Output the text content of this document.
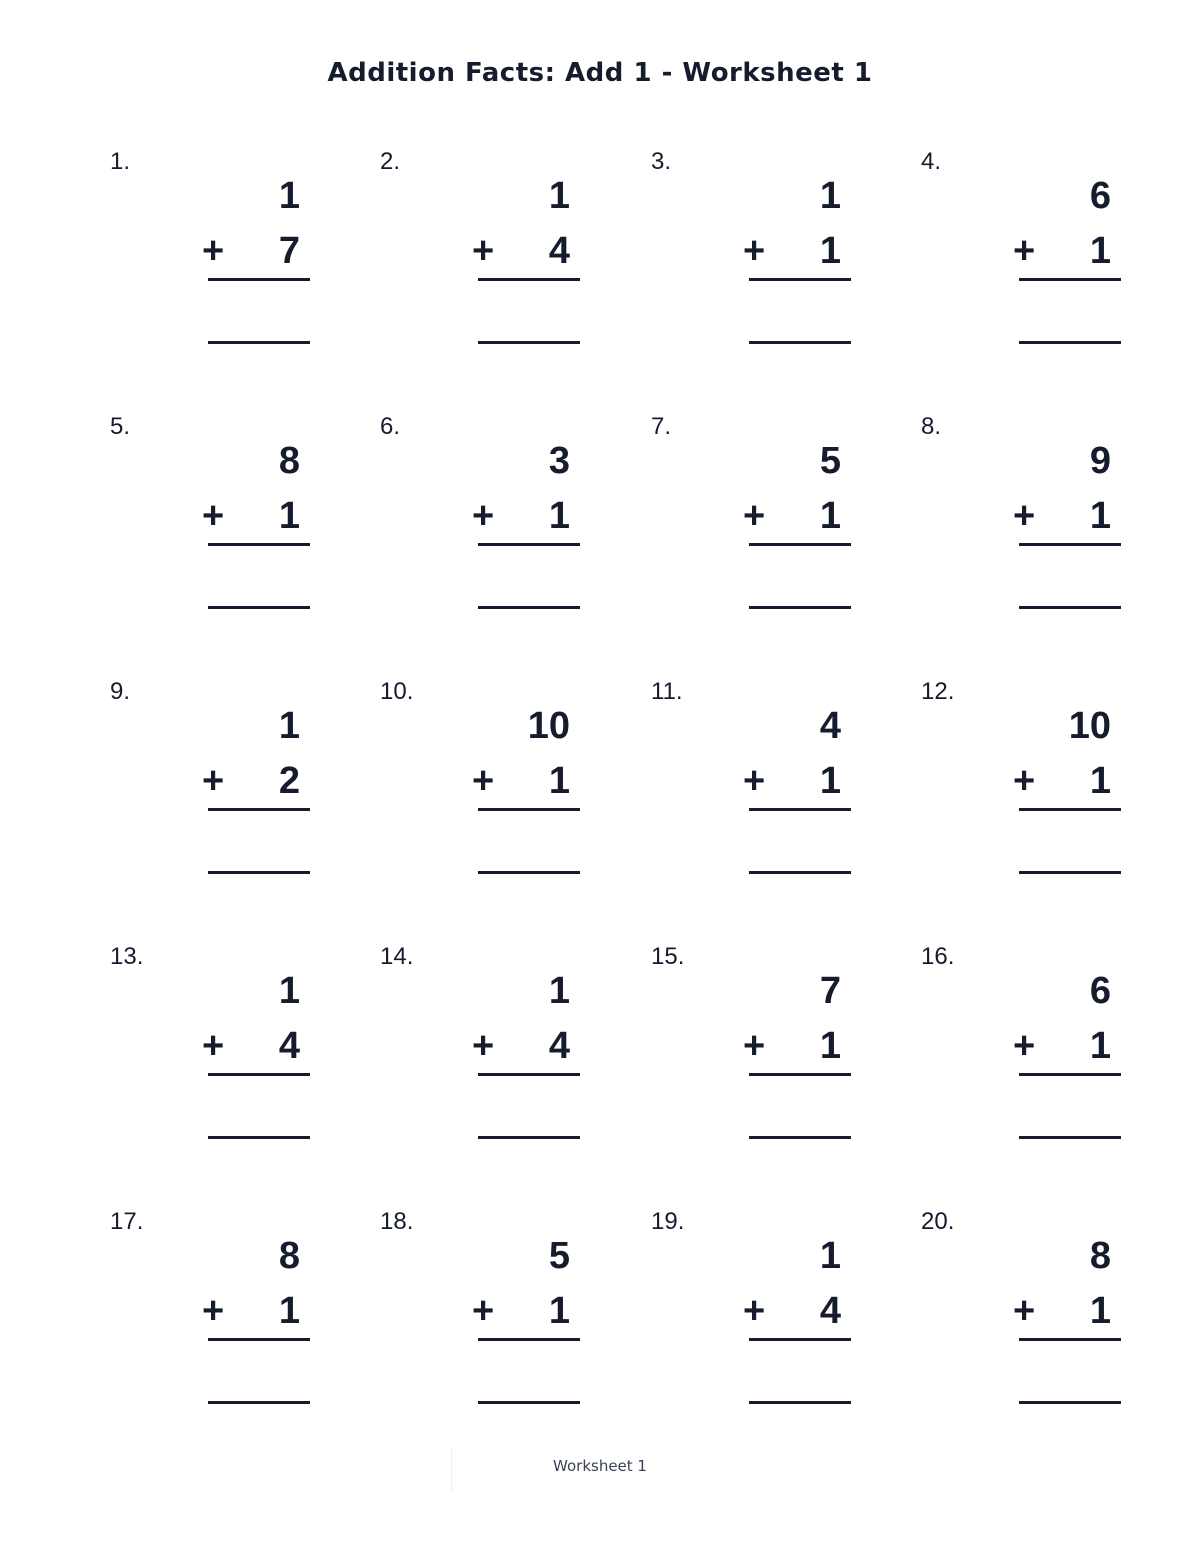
Addition Facts: Add 1 - Worksheet 1
1.
1
+ 7
2.
1
+ 4
3.
1
+ 1
4.
6
+ 1
5.
8
+ 1
6.
3
+ 1
7.
5
+ 1
8.
9
+ 1
9.
1
+ 2
10.
10
+ 1
11.
4
+ 1
12.
10
+ 1
13.
1
+ 4
14.
1
+ 4
15.
7
+ 1
16.
6
+ 1
17.
8
+ 1
18.
5
+ 1
19.
1
+ 4
20.
8
+ 1
Worksheet 1
